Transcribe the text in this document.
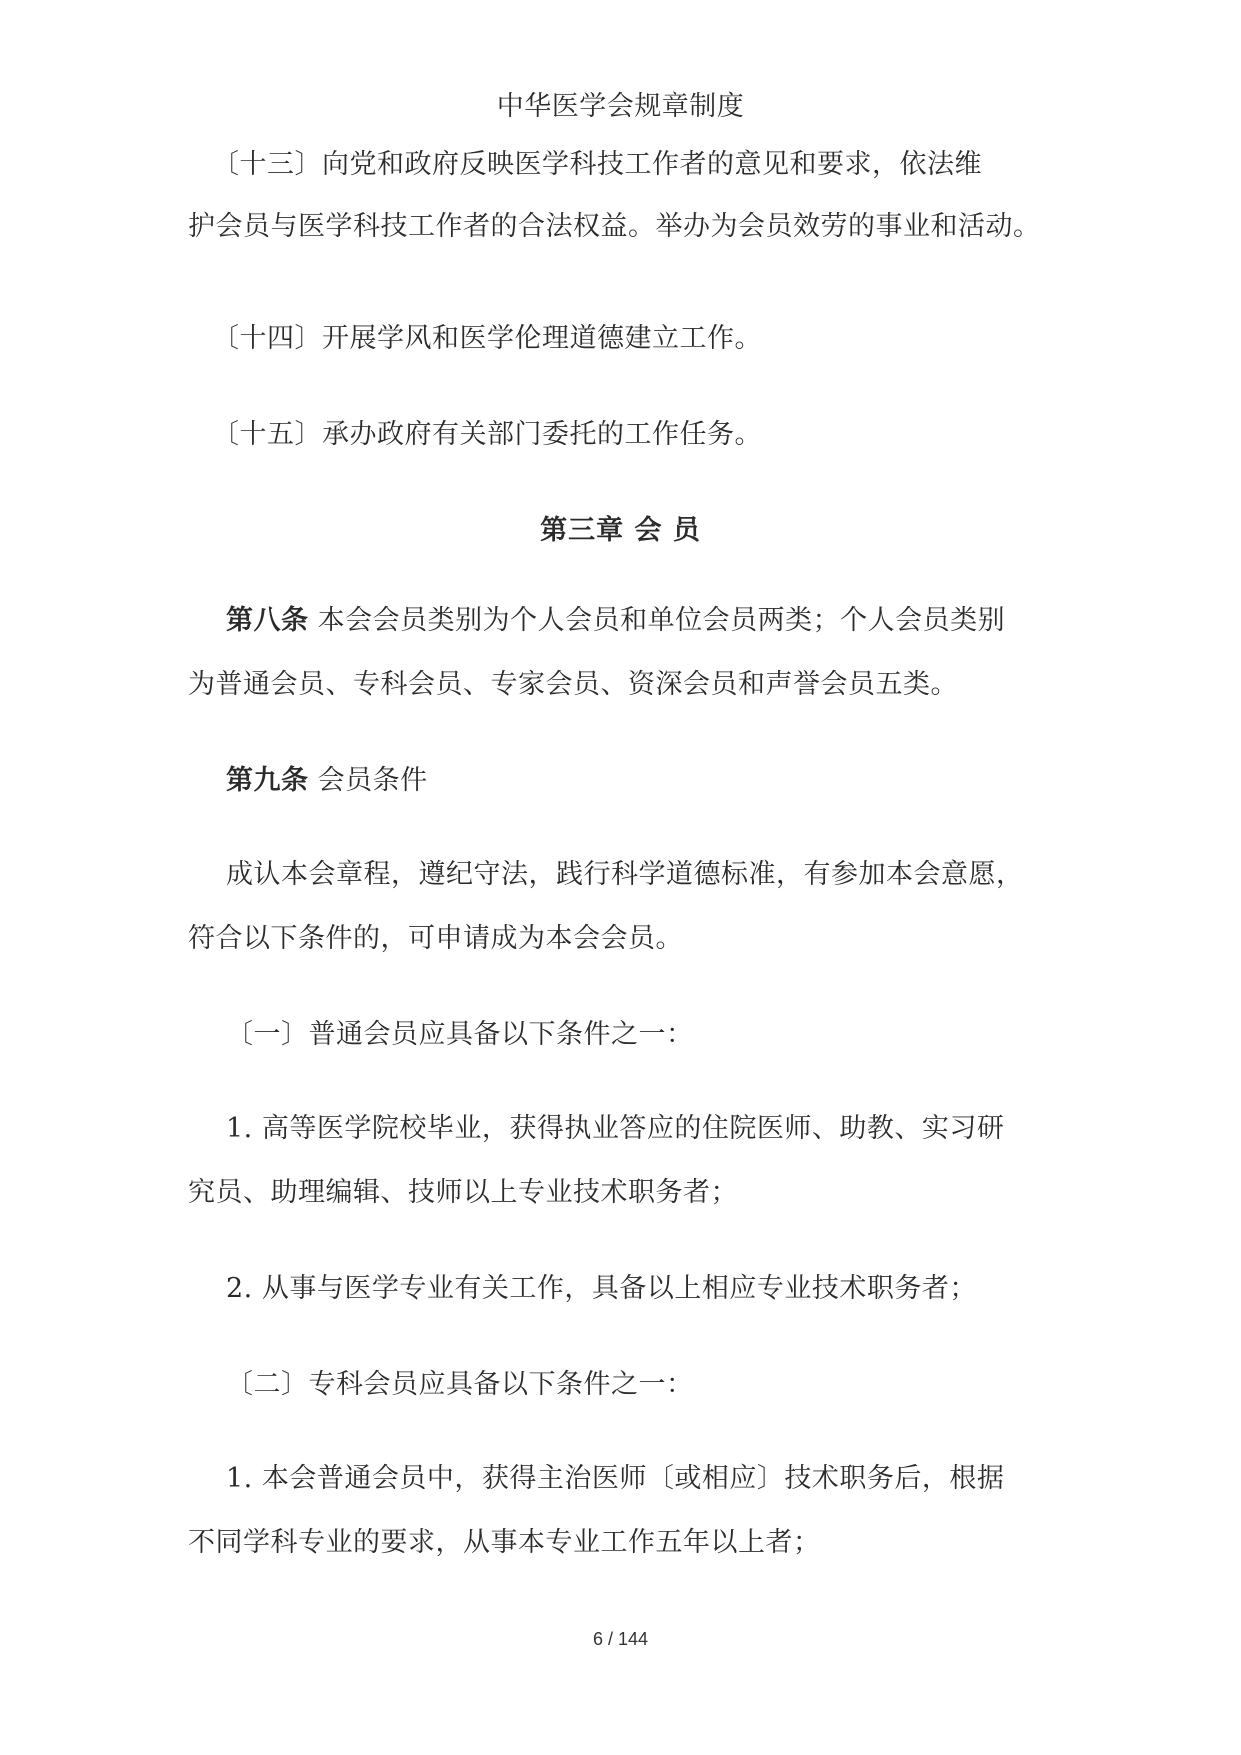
中华医学会规章制度
〔十三〕向党和政府反映医学科技工作者的意见和要求，依法维
护会员与医学科技工作者的合法权益。举办为会员效劳的事业和活动。
〔十四〕开展学风和医学伦理道德建立工作。
〔十五〕承办政府有关部门委托的工作任务。
第三章 会 员
第八条 本会会员类别为个人会员和单位会员两类；个人会员类别
为普通会员、专科会员、专家会员、资深会员和声誉会员五类。
第九条 会员条件
成认本会章程，遵纪守法，践行科学道德标准，有参加本会意愿，
符合以下条件的，可申请成为本会会员。
〔一〕普通会员应具备以下条件之一：
1. 高等医学院校毕业，获得执业答应的住院医师、助教、实习研
究员、助理编辑、技师以上专业技术职务者；
2. 从事与医学专业有关工作，具备以上相应专业技术职务者；
〔二〕专科会员应具备以下条件之一：
1. 本会普通会员中，获得主治医师〔或相应〕技术职务后，根据
不同学科专业的要求，从事本专业工作五年以上者；
6 / 144
